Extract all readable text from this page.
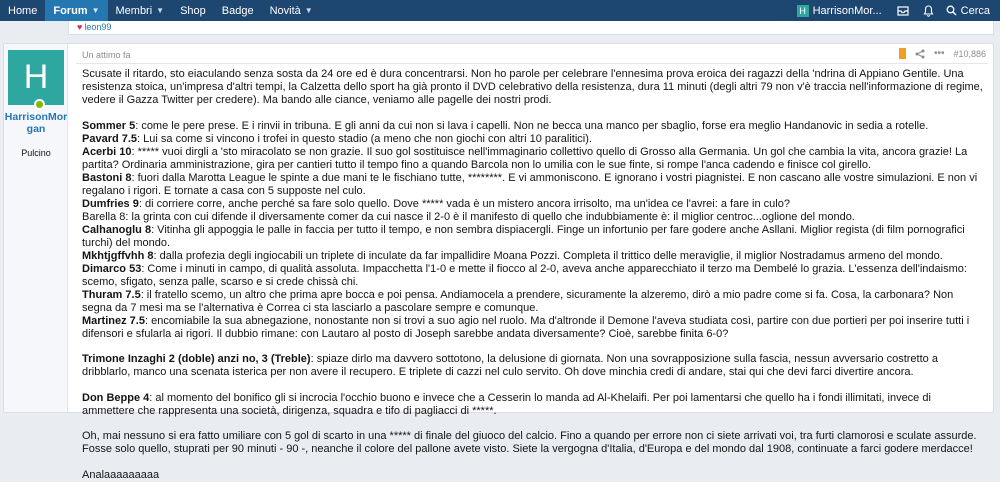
Home Forum ▼ Membri ▼ Shop Badge Novità ▼	H HarrisonMor...	Cerca
♥ leon99
H
HarrisonMorgan
Pulcino
Un attimo fa	••• #10,886

Scusate il ritardo, sto eiaculando senza sosta da 24 ore ed è dura concentrarsi. Non ho parole per celebrare l'ennesima prova eroica dei ragazzi della 'ndrina di Appiano Gentile. Una resistenza stoica, un'impresa d'altri tempi, la Calzetta dello sport ha già pronto il DVD celebrativo della resistenza, dura 11 minuti (degli altri 79 non v'è traccia nell'informazione di regime, vedere il Gazza Twitter per credere). Ma bando alle ciance, veniamo alle pagelle dei nostri prodi.

Sommer 5: come le pere prese. E i rinvii in tribuna. E gli anni da cui non si lava i capelli. Non ne becca una manco per sbaglio, forse era meglio Handanovic in sedia a rotelle.

Pavard 7.5: Lui sa come si vincono i trofei in questo stadio (a meno che non giochi con altri 10 paralitici).

Acerbi 10: ***** vuoi dirgli a 'sto miracolato se non grazie. Il suo gol sostituisce nell'immaginario collettivo quello di Grosso alla Germania. Un gol che cambia la vita, ancora grazie! La partita? Ordinaria amministrazione, gira per cantieri tutto il tempo fino a quando Barcola non lo umilia con le sue finte, si rompe l'anca cadendo e finisce col girello.

Bastoni 8: fuori dalla Marotta League le spinte a due mani te le fischiano tutte, ********. E vi ammoniscono. E ignorano i vostri piagnistei. E non cascano alle vostre simulazioni. E non vi regalano i rigori. E tornate a casa con 5 supposte nel culo.

Dumfries 9: di corriere corre, anche perché sa fare solo quello. Dove ***** vada è un mistero ancora irrisolto, ma un'idea ce l'avrei: a fare in culo?

Barella 8: la grinta con cui difende il diversamente comer da cui nasce il 2-0 è il manifesto di quello che indubbiamente è: il miglior centroc...oglione del mondo.

Calhanoglu 8: Vitinha gli appoggia le palle in faccia per tutto il tempo, e non sembra dispiacergli. Finge un infortunio per fare godere anche Asllani. Miglior regista (di film pornografici turchi) del mondo.

Mkhtjgffvhh 8: dalla profezia degli ingiocabili un triplete di inculate da far impallidire Moana Pozzi. Completa il trittico delle meraviglie, il miglior Nostradamus armeno del mondo.

Dimarco 53: Come i minuti in campo, di qualità assoluta. Impacchetta l'1-0 e mette il fiocco al 2-0, aveva anche apparecchiato il terzo ma Dembelé lo grazia. L'essenza dell'indaismo: scemo, sfigato, senza palle, scarso e si crede chissà chi.

Thuram 7.5: il fratello scemo, un altro che prima apre bocca e poi pensa. Andiamocela a prendere, sicuramente la alzeremo, dirò a mio padre come si fa. Cosa, la carbonara? Non segna da 7 mesi ma se l'alternativa è Correa ci sta lasciarlo a pascolare sempre e comunque.

Martinez 7.5: encomiabile la sua abnegazione, nonostante non si trovi a suo agio nel ruolo. Ma d'altronde il Demone l'aveva studiata così, partire con due portieri per poi inserire tutti i difensori e sfularla ai rigori. Il dubbio rimane: con Lautaro al posto di Joseph sarebbe andata diversamente? Cioè, sarebbe finita 6-0?

Trimone Inzaghi 2 (doble) anzi no, 3 (Treble): spiaze dirlo ma davvero sottotono, la delusione di giornata. Non una sovrapposizione sulla fascia, nessun avversario costretto a dribblarlo, manco una scenata isterica per non avere il recupero. E triplete di cazzi nel culo servito. Oh dove minchia credi di andare, stai qui che devi farci divertire ancora.

Don Beppe 4: al momento del bonifico gli si incrocia l'occhio buono e invece che a Cesserin lo manda ad Al-Khelaifi. Per poi lamentarsi che quello ha i fondi illimitati, invece di ammettere che rappresenta una società, dirigenza, squadra e tifo di pagliacci di *****.

Oh, mai nessuno si era fatto umiliare con 5 gol di scarto in una ***** di finale del giuoco del calcio. Fino a quando per errore non ci siete arrivati voi, tra furti clamorosi e sculate assurde. Fosse solo quello, stuprati per 90 minuti - 90 -, neanche il colore del pallone avete visto. Siete la vergogna d'Italia, d'Europa e del mondo dal 1908, continuate a farci godere merdacce!

Analaaaaaaaaa
